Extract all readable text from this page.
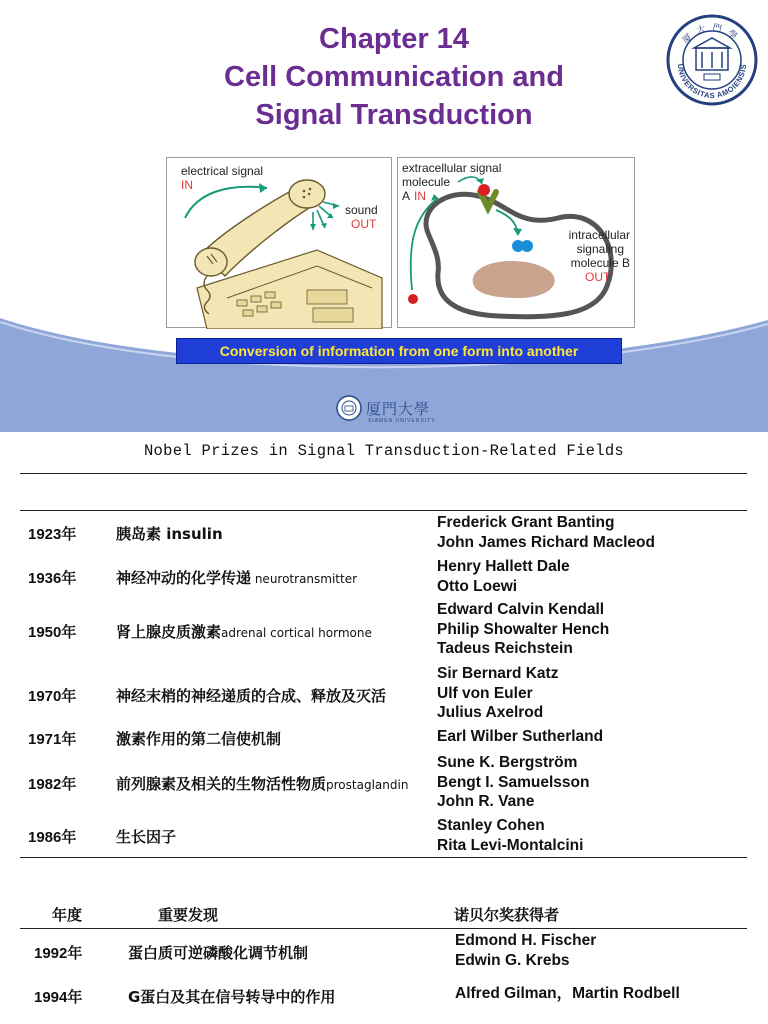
Chapter 14
Cell Communication and
Signal Transduction
UNIVERSITAS AMOIENSIS
厦大門學
electrical signal
IN
sound
OUT
extracellular signal
molecule
A IN
intracellular
signaling
molecule B
OUT
Conversion of information from one form into another
厦門大學
XIAMEN UNIVERSITY
Nobel Prizes in Signal Transduction-Related Fields
1923年	胰岛素 insulin
Frederick Grant Banting
John James Richard Macleod
1936年	神经冲动的化学传递 neurotransmitter
Henry Hallett Dale
Otto Loewi
1950年	肾上腺皮质激素adrenal cortical hormone
Edward Calvin Kendall
Philip Showalter Hench
Tadeus Reichstein
1970年	神经末梢的神经递质的合成、释放及灭活
Sir Bernard Katz
Ulf von Euler
Julius Axelrod
1971年	激素作用的第二信使机制	Earl Wilber Sutherland
1982年	前列腺素及相关的生物活性物质prostaglandin
Sune K. Bergström
Bengt I. Samuelsson
John R. Vane
1986年	生长因子
Stanley Cohen
Rita Levi-Montalcini
年度	重要发现	诺贝尔奖获得者
1992年	蛋白质可逆磷酸化调节机制
Edmond H. Fischer
Edwin G. Krebs
1994年	G蛋白及其在信号转导中的作用	Alfred Gilman，Martin Rodbell
